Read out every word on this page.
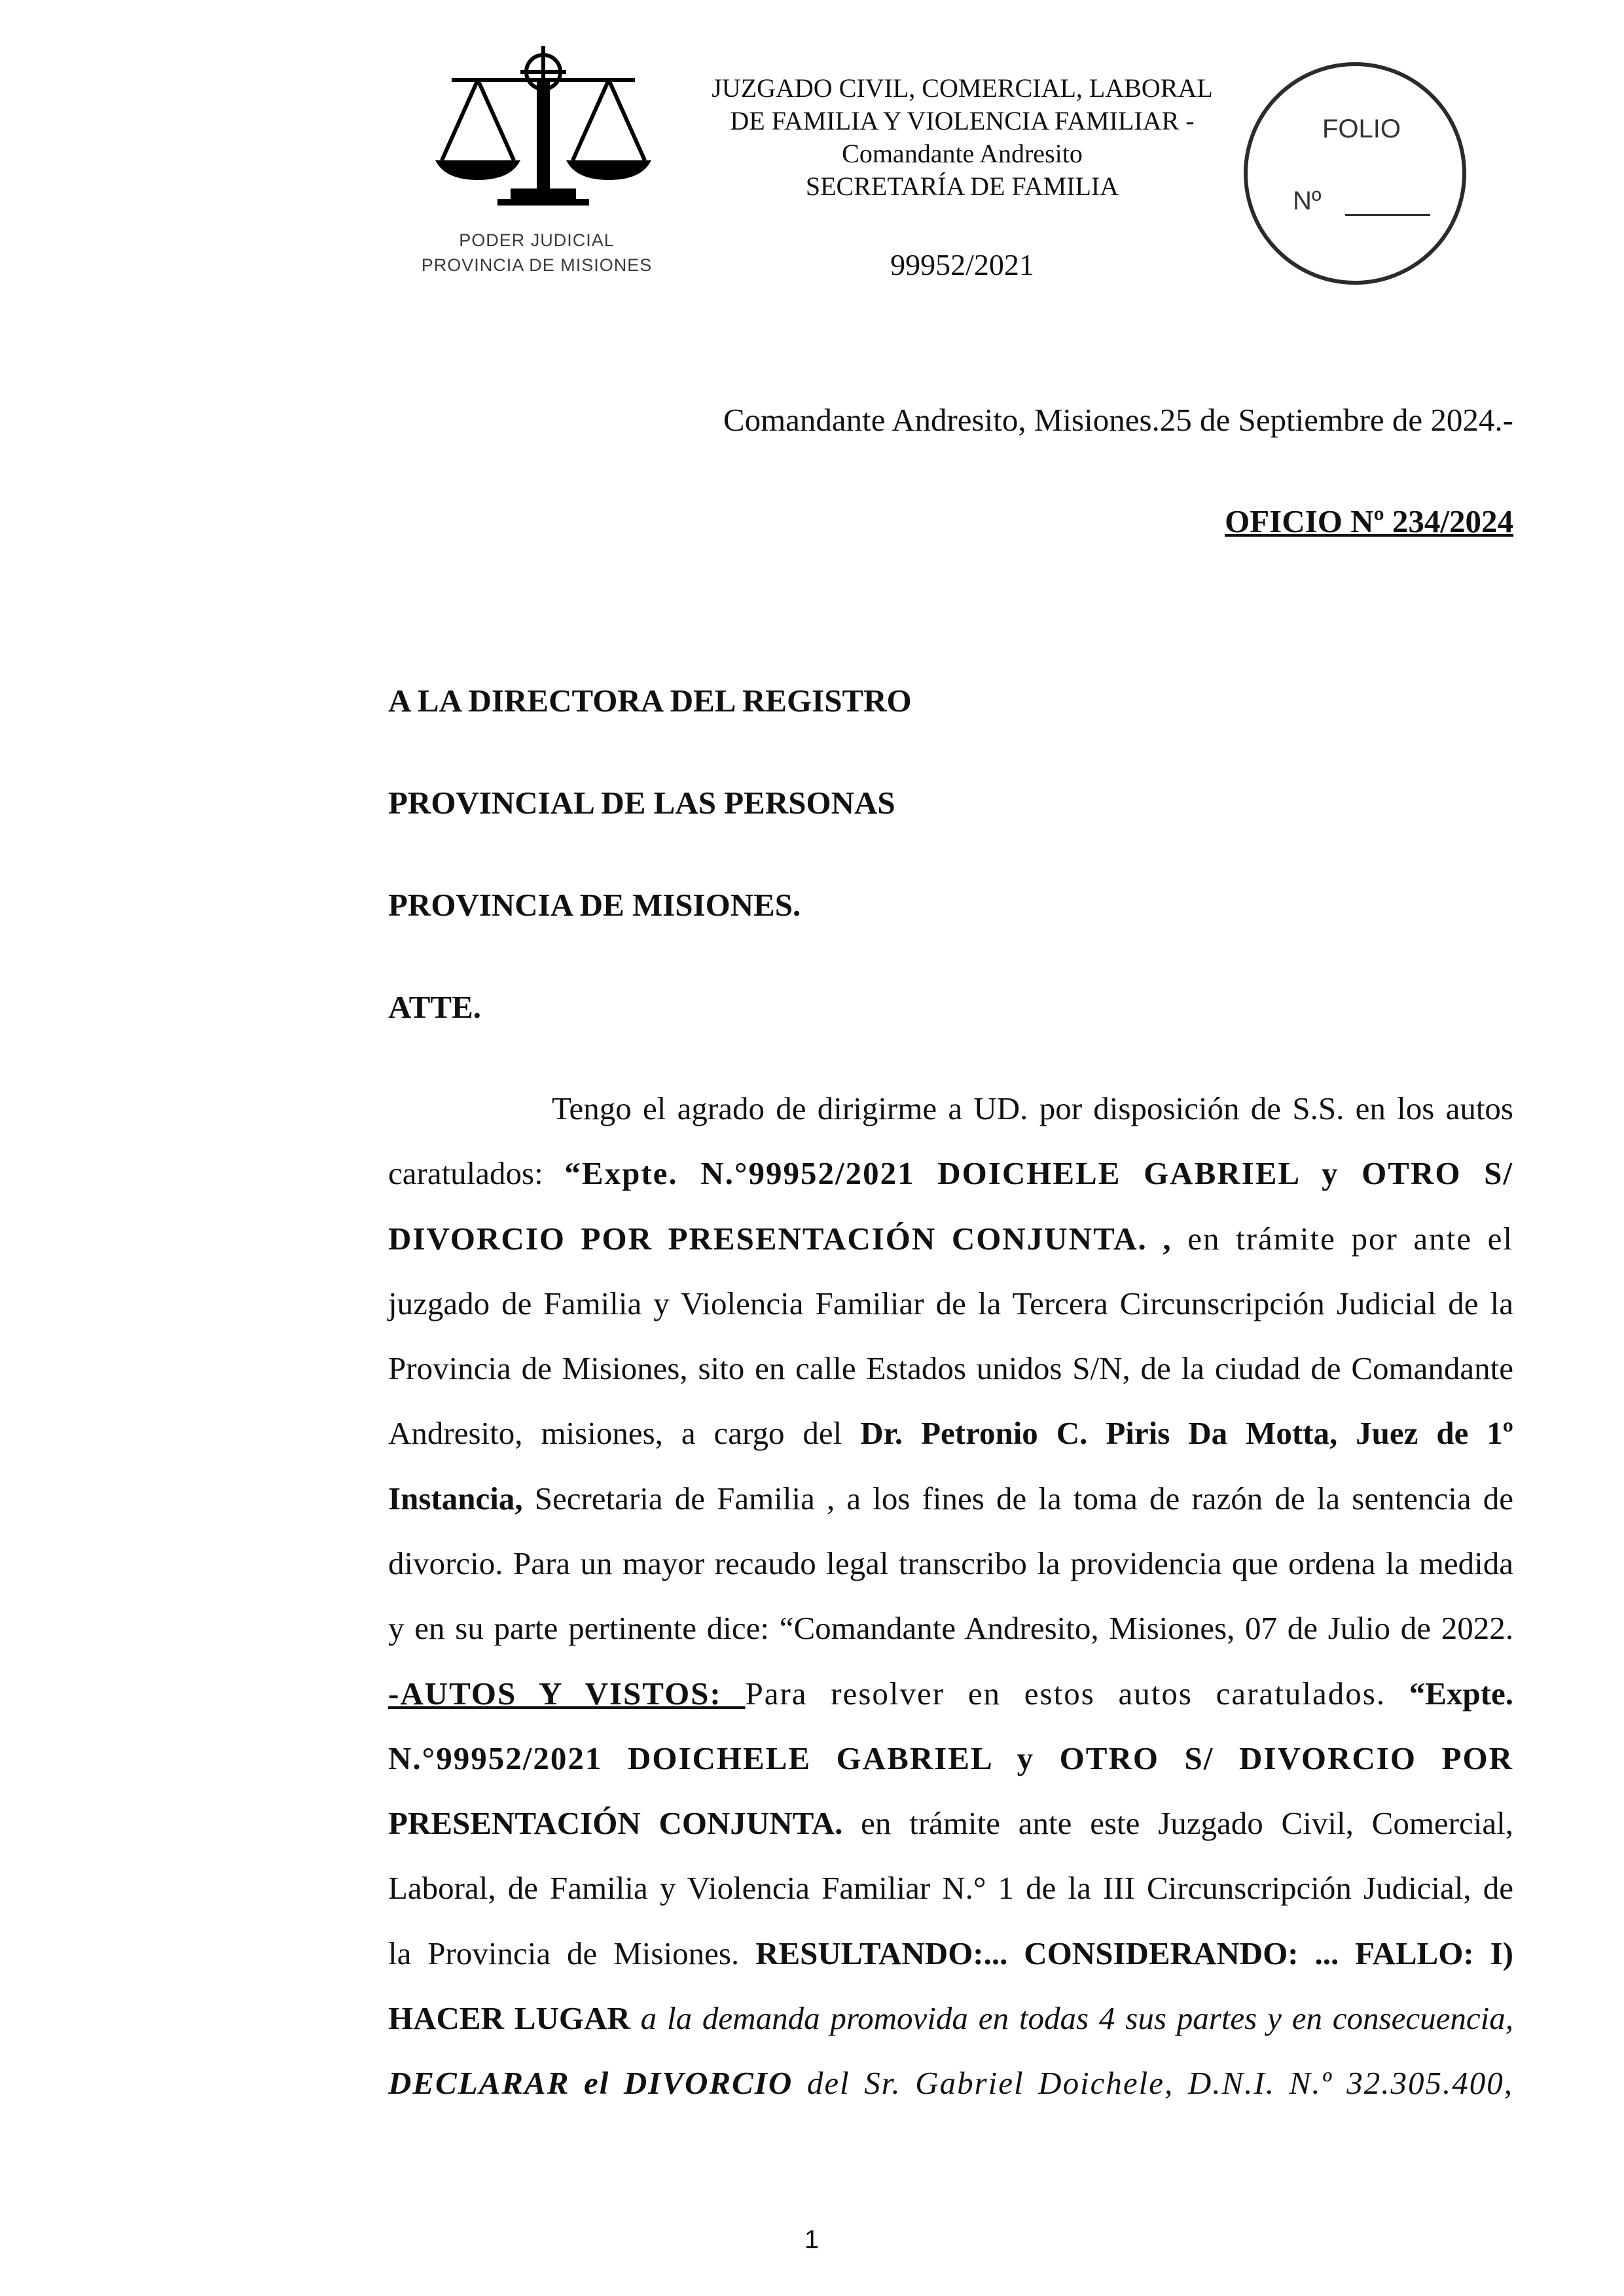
PODER JUDICIAL
PROVINCIA DE MISIONES
JUZGADO CIVIL, COMERCIAL, LABORAL
DE FAMILIA Y VIOLENCIA FAMILIAR -
Comandante Andresito
SECRETARÍA DE FAMILIA
99952/2021
FOLIO
Nº
Comandante Andresito, Misiones.25 de Septiembre de 2024.-
OFICIO Nº 234/2024
A LA DIRECTORA DEL REGISTRO
PROVINCIAL DE LAS PERSONAS
PROVINCIA DE MISIONES.
ATTE.
Tengo el agrado de dirigirme a UD. por disposición de S.S. en los autos
caratulados: “Expte. N.°99952/2021 DOICHELE GABRIEL y OTRO S/
DIVORCIO POR PRESENTACIÓN CONJUNTA. , en trámite por ante el
juzgado de Familia y Violencia Familiar de la Tercera Circunscripción Judicial de la
Provincia de Misiones, sito en calle Estados unidos S/N, de la ciudad de Comandante
Andresito, misiones, a cargo del Dr. Petronio C. Piris Da Motta, Juez de 1º
Instancia, Secretaria de Familia , a los fines de la toma de razón de la sentencia de
divorcio. Para un mayor recaudo legal transcribo la providencia que ordena la medida
y en su parte pertinente dice: “Comandante Andresito, Misiones, 07 de Julio de 2022.
-AUTOS Y VISTOS: Para resolver en estos autos caratulados. “Expte.
N.°99952/2021 DOICHELE GABRIEL y OTRO S/ DIVORCIO POR
PRESENTACIÓN CONJUNTA. en trámite ante este Juzgado Civil, Comercial,
Laboral, de Familia y Violencia Familiar N.° 1 de la III Circunscripción Judicial, de
la Provincia de Misiones. RESULTANDO:... CONSIDERANDO: ... FALLO: I)
HACER LUGAR a la demanda promovida en todas 4 sus partes y en consecuencia,
DECLARAR el DIVORCIO del Sr. Gabriel Doichele, D.N.I. N.º 32.305.400,
1
